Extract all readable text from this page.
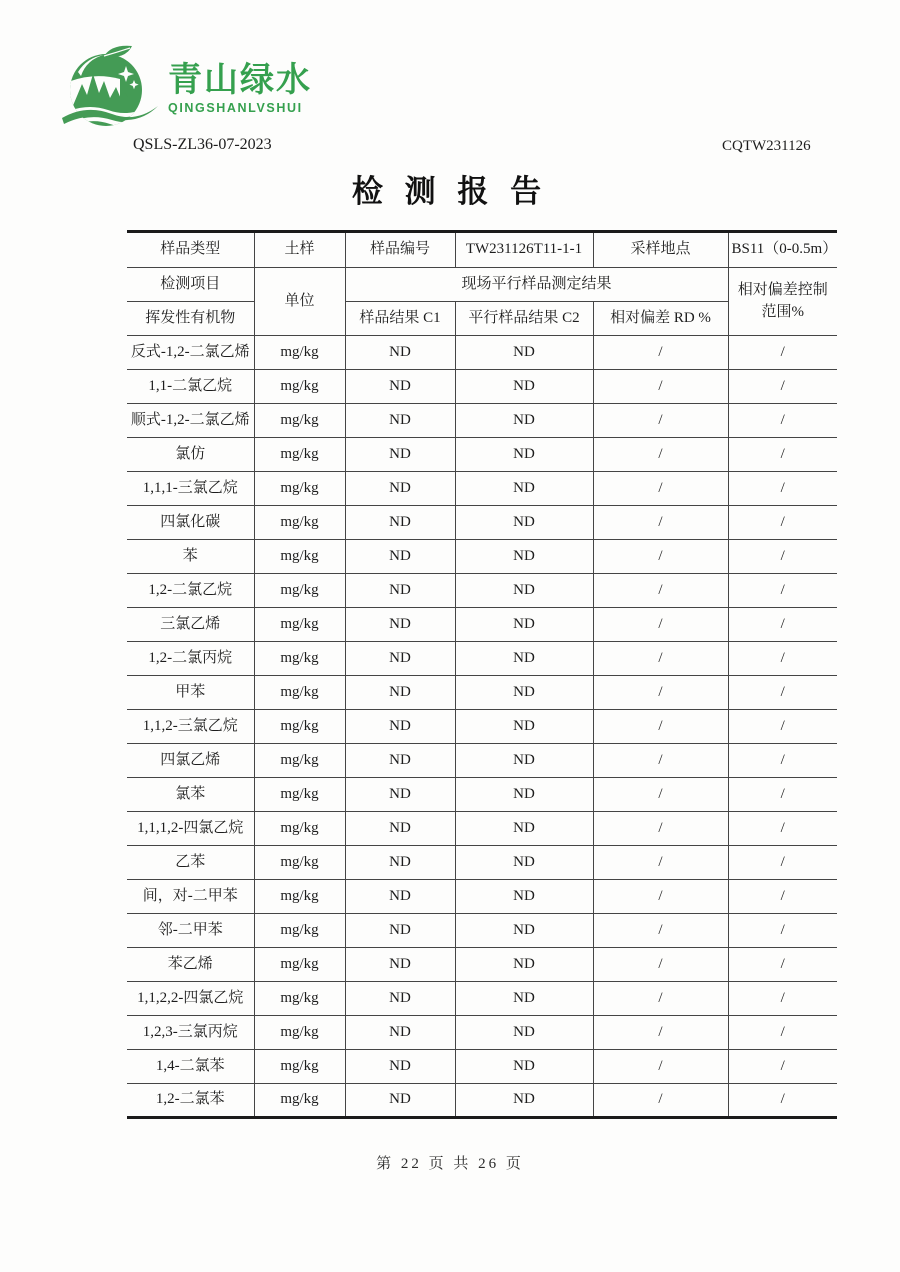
青山绿水
QINGSHANLVSHUI
QSLS-ZL36-07-2023	CQTW231126
检 测 报 告
样品类型	土样	样品编号	TW231126T11-1-1	采样地点	BS11（0-0.5m）
检测项目	单位	现场平行样品测定结果			相对偏差控制范围%
挥发性有机物		样品结果 C1	平行样品结果 C2	相对偏差 RD %	
反式-1,2-二氯乙烯	mg/kg	ND	ND	/	/
1,1-二氯乙烷	mg/kg	ND	ND	/	/
顺式-1,2-二氯乙烯	mg/kg	ND	ND	/	/
氯仿	mg/kg	ND	ND	/	/
1,1,1-三氯乙烷	mg/kg	ND	ND	/	/
四氯化碳	mg/kg	ND	ND	/	/
苯	mg/kg	ND	ND	/	/
1,2-二氯乙烷	mg/kg	ND	ND	/	/
三氯乙烯	mg/kg	ND	ND	/	/
1,2-二氯丙烷	mg/kg	ND	ND	/	/
甲苯	mg/kg	ND	ND	/	/
1,1,2-三氯乙烷	mg/kg	ND	ND	/	/
四氯乙烯	mg/kg	ND	ND	/	/
氯苯	mg/kg	ND	ND	/	/
1,1,1,2-四氯乙烷	mg/kg	ND	ND	/	/
乙苯	mg/kg	ND	ND	/	/
间，对-二甲苯	mg/kg	ND	ND	/	/
邻-二甲苯	mg/kg	ND	ND	/	/
苯乙烯	mg/kg	ND	ND	/	/
1,1,2,2-四氯乙烷	mg/kg	ND	ND	/	/
1,2,3-三氯丙烷	mg/kg	ND	ND	/	/
1,4-二氯苯	mg/kg	ND	ND	/	/
1,2-二氯苯	mg/kg	ND	ND	/	/
第 22 页 共 26 页
